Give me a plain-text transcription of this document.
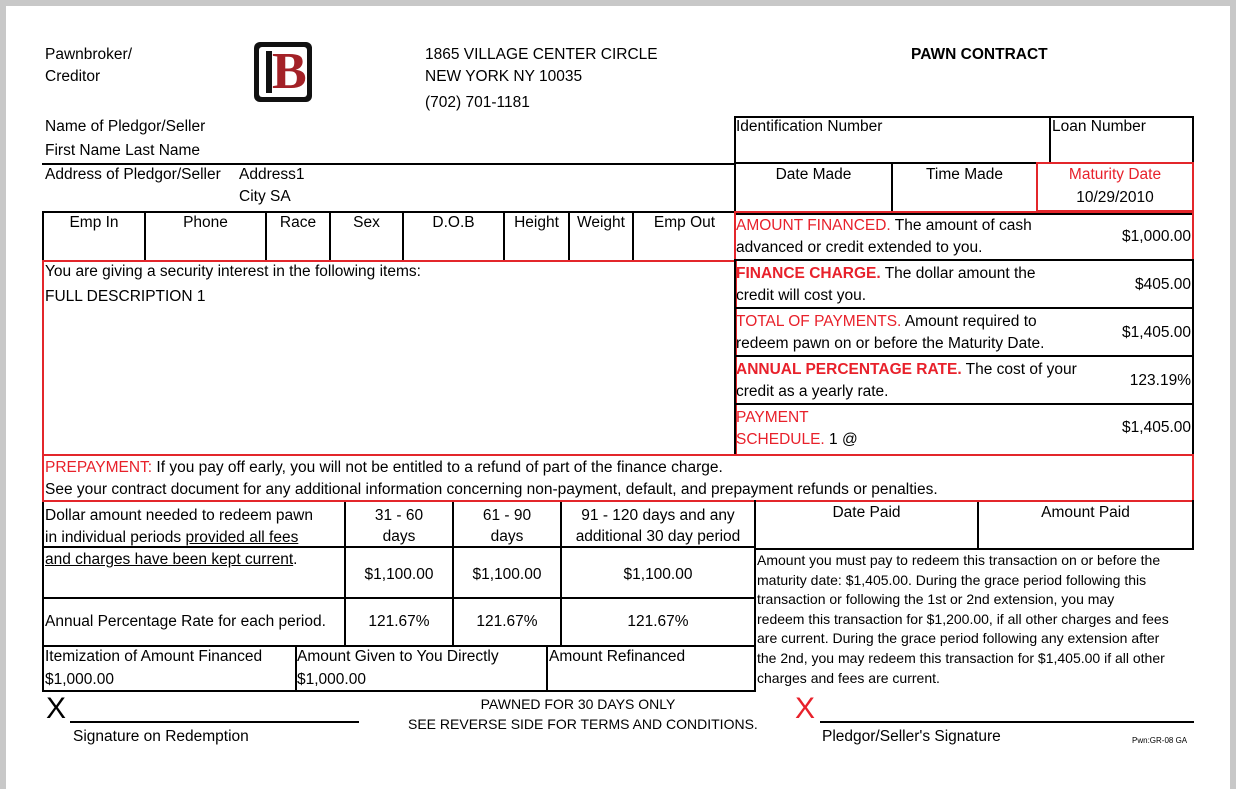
Pawnbroker/
Creditor	B	1865 VILLAGE CENTER CIRCLE
NEW YORK NY 10035
(702) 701-1181
PAWN CONTRACT
Name of Pledgor/Seller
First Name Last Name
Address of Pledgor/Seller Address1
City SA
Emp In	Phone	Race	Sex	D.O.B	Height	Weight	Emp Out
You are giving a security interest in the following items:
FULL DESCRIPTION 1
Identification Number	Loan Number
Date Made	Time Made	Maturity Date
10/29/2010
AMOUNT FINANCED. The amount of cash
advanced or credit extended to you.
$1,000.00
FINANCE CHARGE. The dollar amount the
credit will cost you.
$405.00
TOTAL OF PAYMENTS. Amount required to
redeem pawn on or before the Maturity Date.
$1,405.00
ANNUAL PERCENTAGE RATE. The cost of your
credit as a yearly rate.
123.19%
PAYMENT
SCHEDULE. 1 @
$1,405.00
PREPAYMENT: If you pay off early, you will not be entitled to a refund of part of the finance charge.
See your contract document for any additional information concerning non-payment, default, and prepayment refunds or penalties.
Dollar amount needed to redeem pawn
in individual periods provided all fees
and charges have been kept current.
31 - 60
days
61 - 90
days
91 - 120 days and any
additional 30 day period
$1,100.00	$1,100.00	$1,100.00
Annual Percentage Rate for each period.	121.67%	121.67%	121.67%
Itemization of Amount Financed
$1,000.00
Amount Given to You Directly
$1,000.00
Amount Refinanced
Date Paid	Amount Paid
Amount you must pay to redeem this transaction on or before the
maturity date: $1,405.00. During the grace period following this
transaction or following the 1st or 2nd extension, you may
redeem this transaction for $1,200.00, if all other charges and fees
are current. During the grace period following any extension after
the 2nd, you may redeem this transaction for $1,405.00 if all other
charges and fees are current.
X
Signature on Redemption
PAWNED FOR 30 DAYS ONLY
SEE REVERSE SIDE FOR TERMS AND CONDITIONS. X
Pledgor/Seller's Signature	Pwn:GR-08 GA
